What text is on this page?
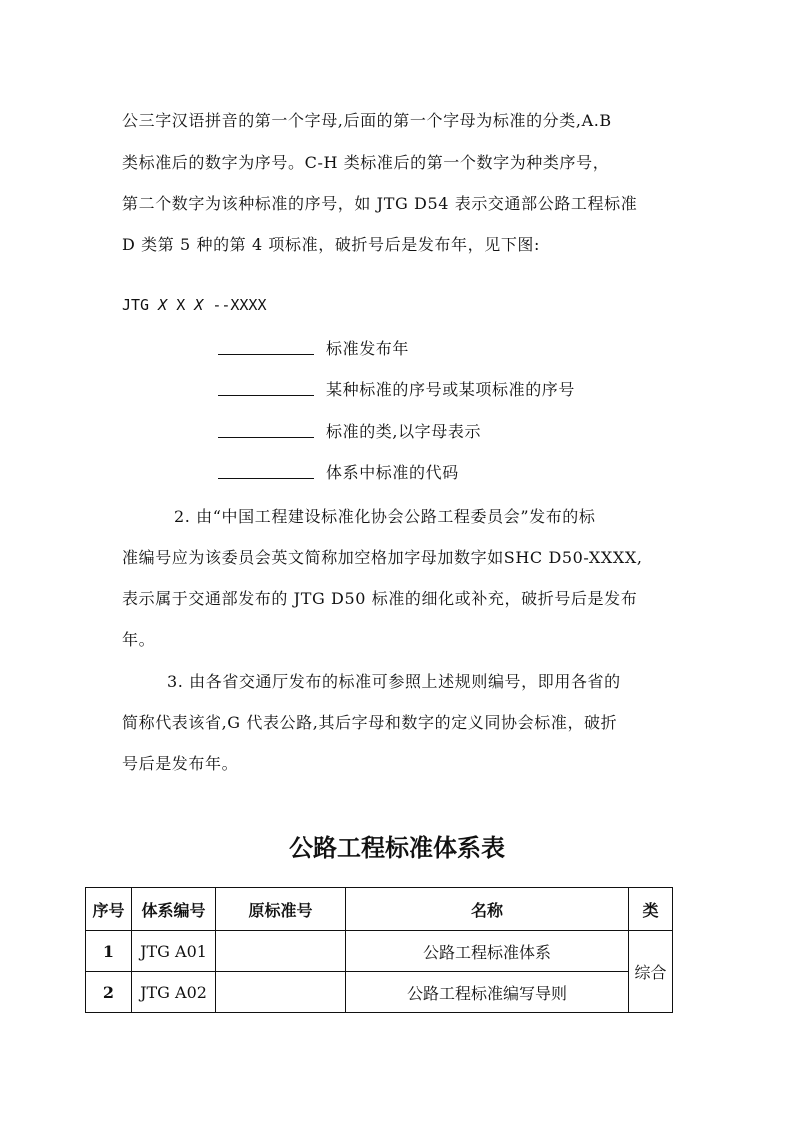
公三字汉语拼音的第一个字母,后面的第一个字母为标准的分类,A.B
类标准后的数字为序号。C-H 类标准后的第一个数字为种类序号，
第二个数字为该种标准的序号，如 JTG D54 表示交通部公路工程标准
D 类第 5 种的第 4 项标准，破折号后是发布年，见下图:
JTG X X X --XXXX
标准发布年
某种标准的序号或某项标准的序号
标准的类,以字母表示
体系中标准的代码
2. 由“中国工程建设标准化协会公路工程委员会”发布的标
准编号应为该委员会英文简称加空格加字母加数字如SHC D50-XXXX,
表示属于交通部发布的 JTG D50 标准的细化或补充，破折号后是发布
年。
3. 由各省交通厅发布的标准可参照上述规则编号，即用各省的
简称代表该省,G 代表公路,其后字母和数字的定义同协会标准，破折
号后是发布年。
公路工程标准体系表
序号	体系编号	原标准号	名称	类
1	JTG A01		公路工程标准体系	综合
2	JTG A02		公路工程标准编写导则	
